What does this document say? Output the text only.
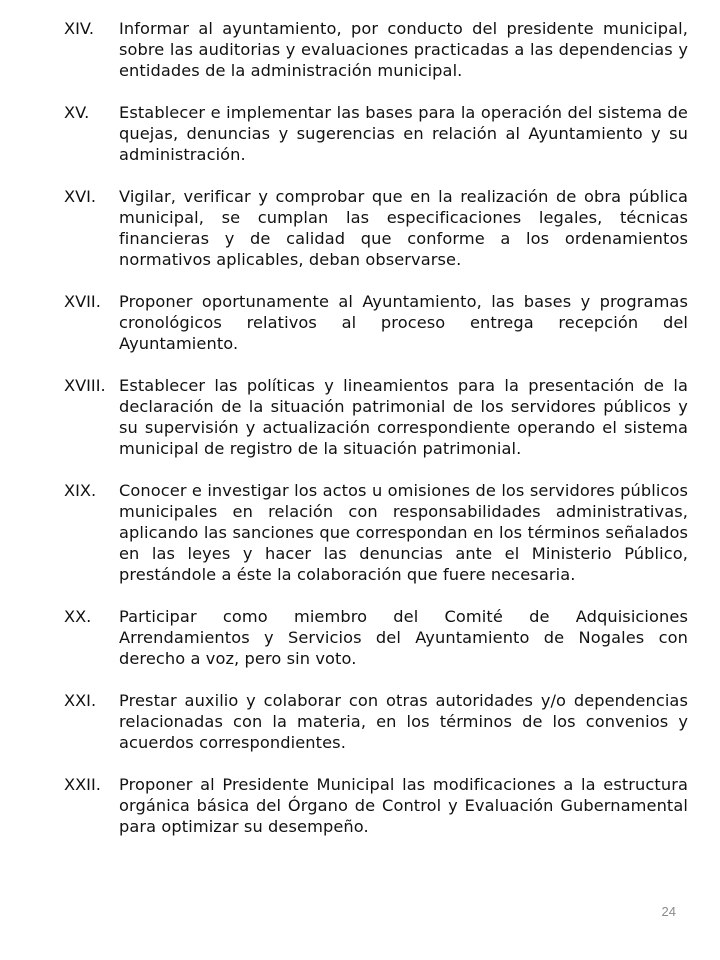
XIV.	Informar al ayuntamiento, por conducto del presidente municipal, sobre las auditorias y evaluaciones practicadas a las dependencias y entidades de la administración municipal.
XV.	Establecer e implementar las bases para la operación del sistema de quejas, denuncias y sugerencias en relación al Ayuntamiento y su administración.
XVI.	Vigilar, verificar y comprobar que en la realización de obra pública municipal, se cumplan las especificaciones legales, técnicas financieras y de calidad que conforme a los ordenamientos normativos aplicables, deban observarse.
XVII.	Proponer oportunamente al Ayuntamiento, las bases y programas cronológicos relativos al proceso entrega recepción del Ayuntamiento.
XVIII. Establecer las políticas y lineamientos para la presentación de la declaración de la situación patrimonial de los servidores públicos y su supervisión y actualización correspondiente operando el sistema municipal de registro de la situación patrimonial.
XIX.	Conocer e investigar los actos u omisiones de los servidores públicos municipales en relación con responsabilidades administrativas, aplicando las sanciones que correspondan en los términos señalados en las leyes y hacer las denuncias ante el Ministerio Público, prestándole a éste la colaboración que fuere necesaria.
XX.	Participar como miembro del Comité de Adquisiciones Arrendamientos y Servicios del Ayuntamiento de Nogales con derecho a voz, pero sin voto.
XXI.	Prestar auxilio y colaborar con otras autoridades y/o dependencias relacionadas con la materia, en los términos de los convenios y acuerdos correspondientes.
XXII.	Proponer al Presidente Municipal las modificaciones a la estructura orgánica básica del Órgano de Control y Evaluación Gubernamental para optimizar su desempeño.
24
